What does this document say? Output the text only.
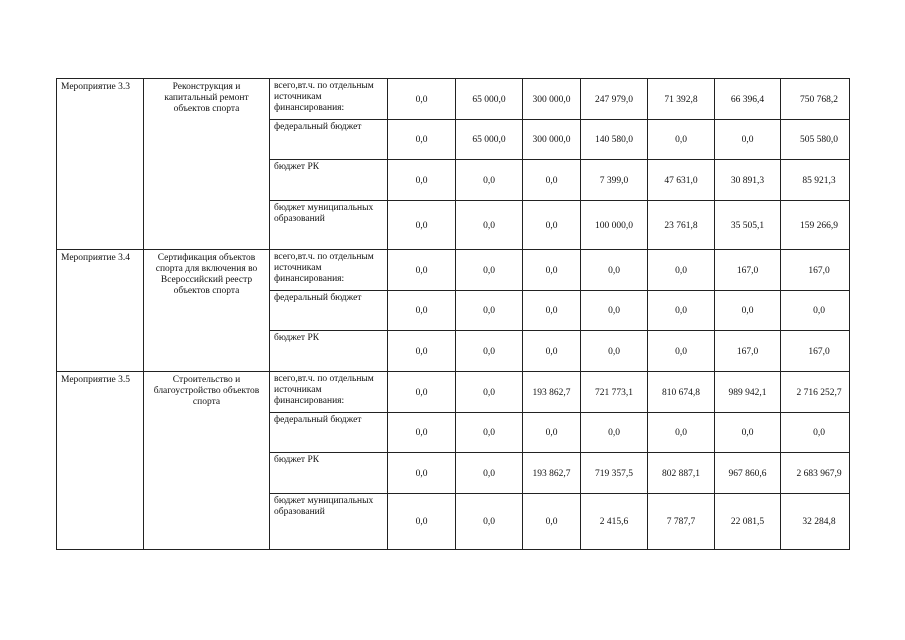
Мероприятие 3.3	Реконструкция и капитальный ремонт объектов спорта	всего,вт.ч. по отдельным источникам финансирования:	0,0	65 000,0	300 000,0	247 979,0	71 392,8	66 396,4	750 768,2
		федеральный бюджет	0,0	65 000,0	300 000,0	140 580,0	0,0	0,0	505 580,0
		бюджет РК	0,0	0,0	0,0	7 399,0	47 631,0	30 891,3	85 921,3
		бюджет муниципальных образований	0,0	0,0	0,0	100 000,0	23 761,8	35 505,1	159 266,9
Мероприятие 3.4	Сертификация объектов спорта для включения во Всероссийский реестр объектов спорта	всего,вт.ч. по отдельным источникам финансирования:	0,0	0,0	0,0	0,0	0,0	167,0	167,0
		федеральный бюджет	0,0	0,0	0,0	0,0	0,0	0,0	0,0
		бюджет РК	0,0	0,0	0,0	0,0	0,0	167,0	167,0
Мероприятие 3.5	Строительство и благоустройство объектов спорта	всего,вт.ч. по отдельным источникам финансирования:	0,0	0,0	193 862,7	721 773,1	810 674,8	989 942,1	2 716 252,7
		федеральный бюджет	0,0	0,0	0,0	0,0	0,0	0,0	0,0
		бюджет РК	0,0	0,0	193 862,7	719 357,5	802 887,1	967 860,6	2 683 967,9
		бюджет муниципальных образований	0,0	0,0	0,0	2 415,6	7 787,7	22 081,5	32 284,8
